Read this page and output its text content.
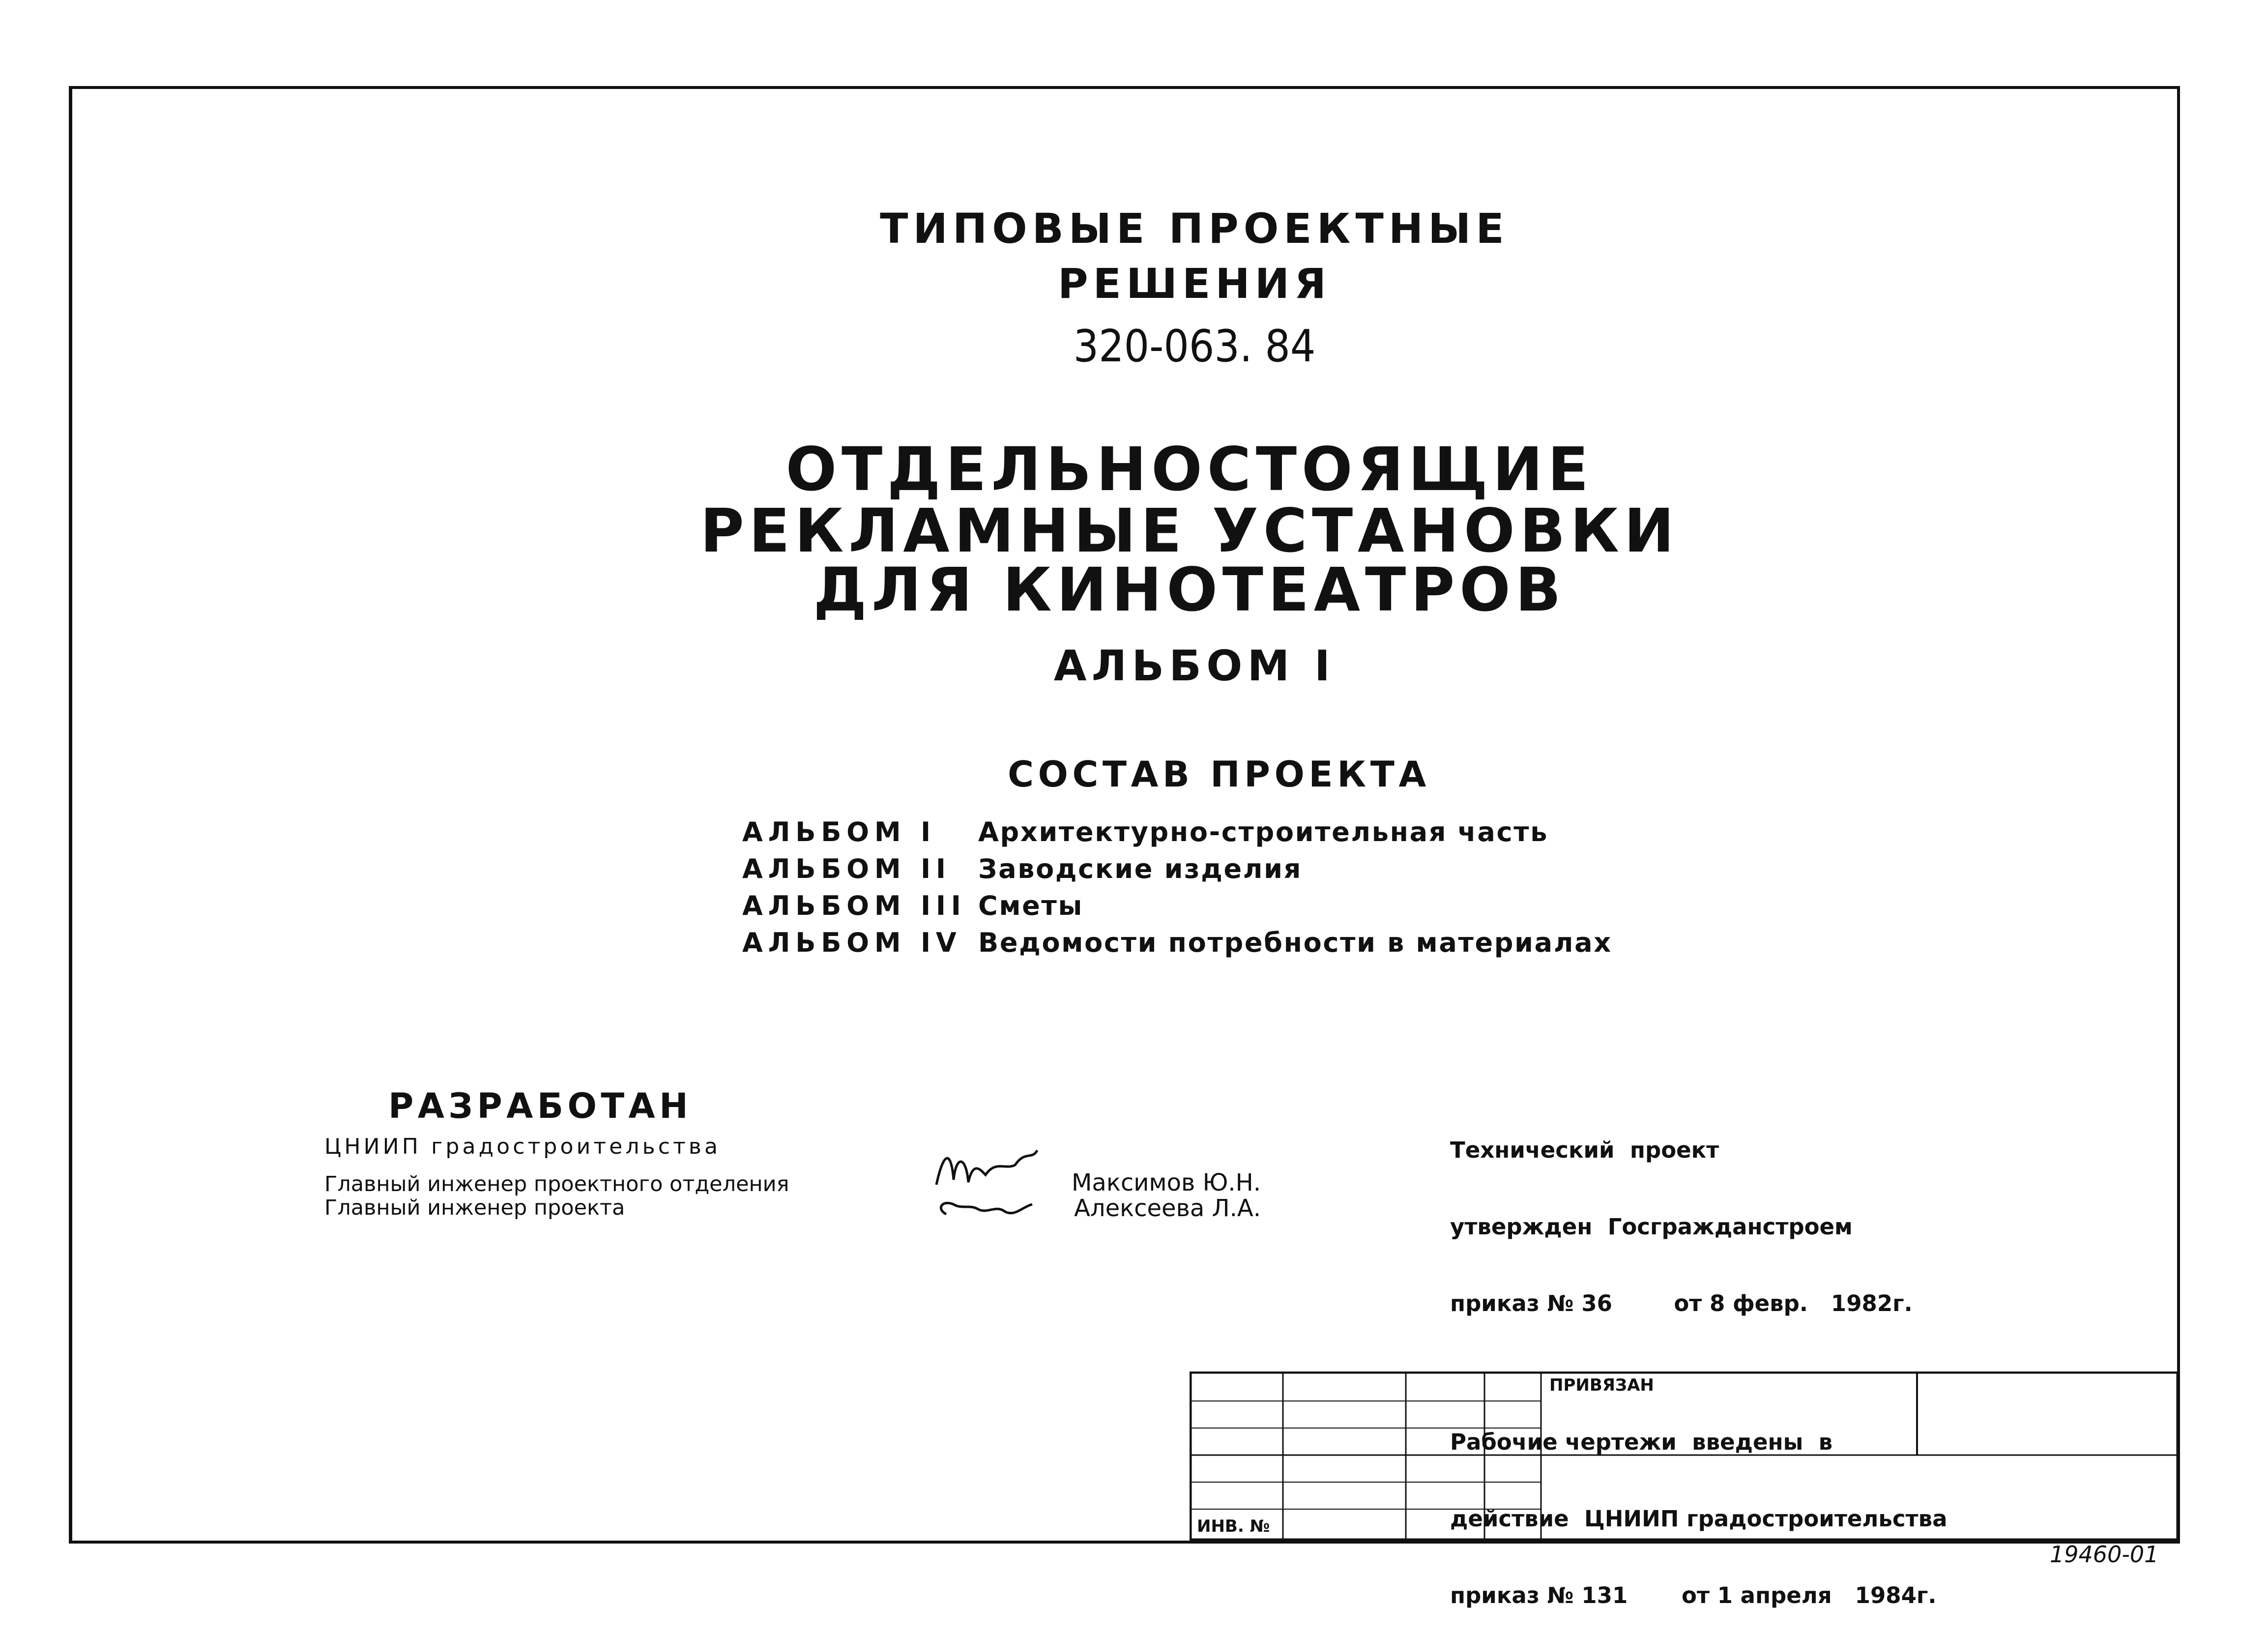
ТИПОВЫЕ ПРОЕКТНЫЕ
РЕШЕНИЯ
320-063. 84
ОТДЕЛЬНОСТОЯЩИЕ
РЕКЛАМНЫЕ УСТАНОВКИ
ДЛЯ КИНОТЕАТРОВ
АЛЬБОМ I
СОСТАВ ПРОЕКТА
АЛЬБОМ I	Архитектурно-строительная часть
АЛЬБОМ II	Заводские изделия
АЛЬБОМ III Сметы
АЛЬБОМ IV Ведомости потребности в материалах
РАЗРАБОТАН
ЦНИИП градостроительства
Главный инженер проектного отделения
Главный инженер проекта
Максимов Ю.Н.
Алексеева Л.А.

Технический  проект

утвержден  Госгражданстроем

приказ № 36        от 8 февр.   1982г.

Рабочие чертежи  введены  в

действие  ЦНИИП градостроительства

приказ № 131       от 1 апреля   1984г.

ПРИВЯЗАН
ИНВ. №
19460-01
